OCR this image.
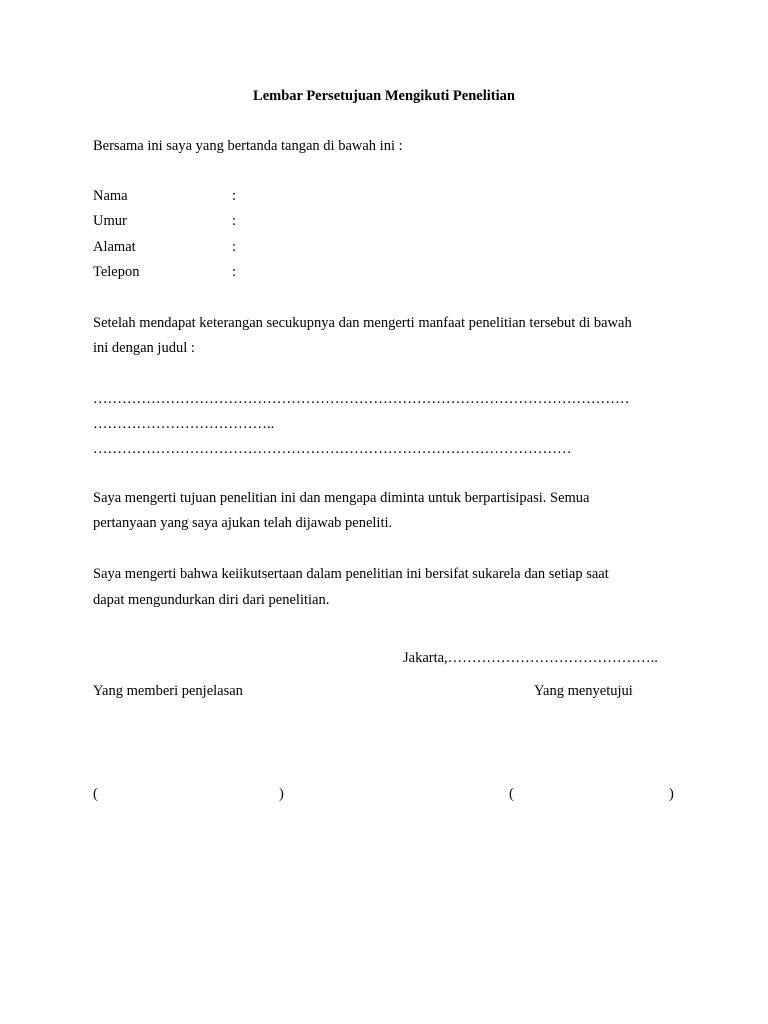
Lembar Persetujuan Mengikuti Penelitian
Bersama ini saya yang bertanda tangan di bawah ini :
Nama	:
Umur	:
Alamat	:
Telepon	:
Setelah mendapat keterangan secukupnya dan mengerti manfaat penelitian tersebut di bawah
ini dengan judul :
…………………………………………………………………………………………………
………………………………..
………………………………………………………………………………………
Saya mengerti tujuan penelitian ini dan mengapa diminta untuk berpartisipasi. Semua
pertanyaan yang saya ajukan telah dijawab peneliti.
Saya mengerti bahwa keiikutsertaan dalam penelitian ini bersifat sukarela dan setiap saat
dapat mengundurkan diri dari penelitian.
Jakarta,……………………………………..
Yang memberi penjelasan	Yang menyetujui
(	)	(	)
